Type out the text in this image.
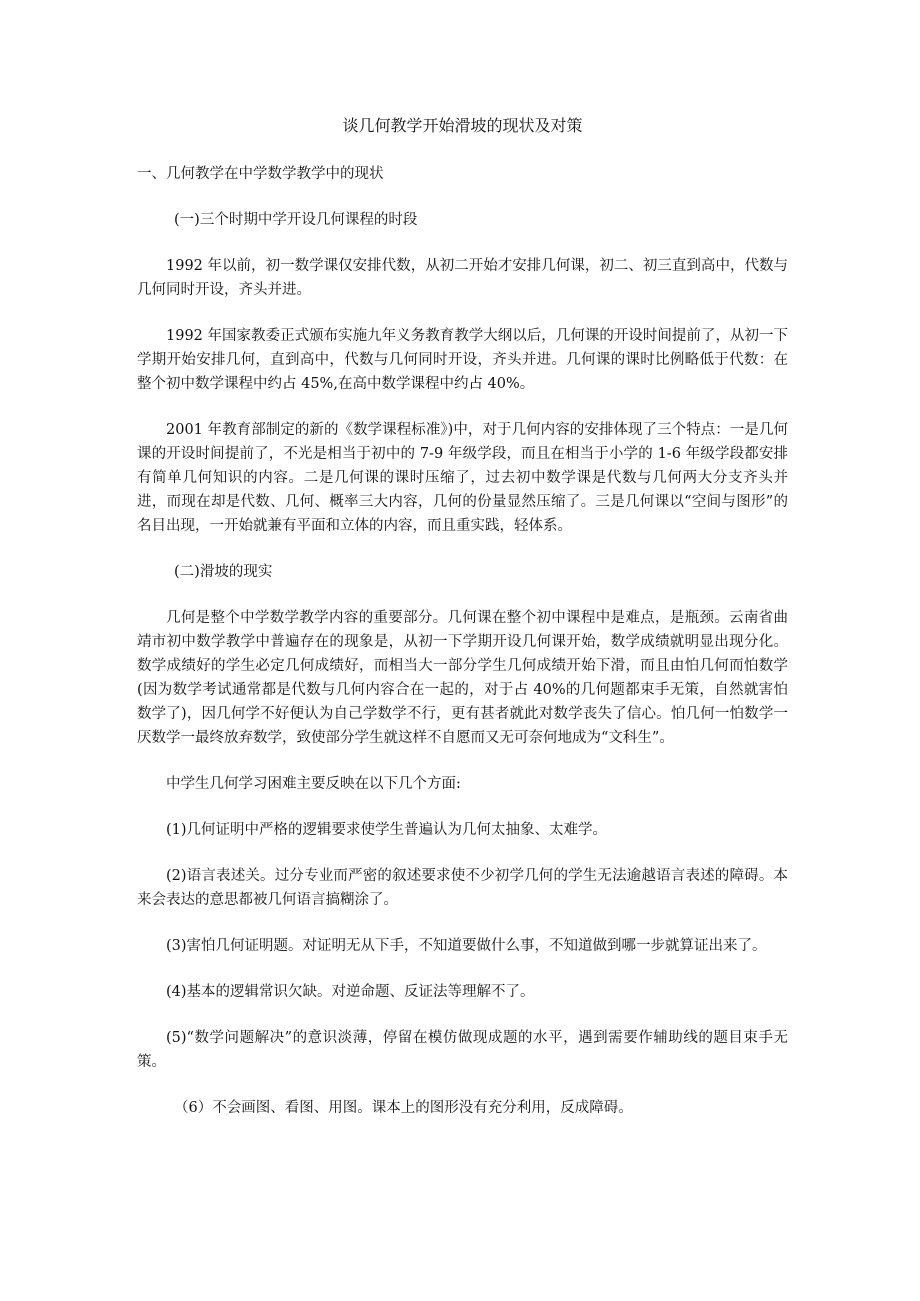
谈几何教学开始滑坡的现状及对策
一、几何教学在中学数学教学中的现状
(一)三个时期中学开设几何课程的时段
1992 年以前，初一数学课仅安排代数，从初二开始才安排几何课，初二、初三直到高中，代数与几何同时开设，齐头并进。
1992 年国家教委正式颁布实施九年义务教育教学大纲以后，几何课的开设时间提前了，从初一下学期开始安排几何，直到高中，代数与几何同时开设，齐头并进。几何课的课时比例略低于代数：在整个初中数学课程中约占 45%,在高中数学课程中约占 40%。
2001 年教育部制定的新的《数学课程标准》)中，对于几何内容的安排体现了三个特点：一是几何课的开设时间提前了，不光是相当于初中的 7-9 年级学段，而且在相当于小学的 1-6 年级学段都安排有简单几何知识的内容。二是几何课的课时压缩了，过去初中数学课是代数与几何两大分支齐头并进，而现在却是代数、几何、概率三大内容，几何的份量显然压缩了。三是几何课以“空间与图形”的名目出现，一开始就兼有平面和立体的内容，而且重实践，轻体系。
(二)滑坡的现实
几何是整个中学数学教学内容的重要部分。几何课在整个初中课程中是难点，是瓶颈。云南省曲靖市初中数学教学中普遍存在的现象是，从初一下学期开设几何课开始，数学成绩就明显出现分化。数学成绩好的学生必定几何成绩好，而相当大一部分学生几何成绩开始下滑，而且由怕几何而怕数学(因为数学考试通常都是代数与几何内容合在一起的，对于占 40%的几何题都束手无策，自然就害怕数学了)，因几何学不好便认为自己学数学不行，更有甚者就此对数学丧失了信心。怕几何一怕数学一厌数学一最终放弃数学，致使部分学生就这样不自愿而又无可奈何地成为“文科生”。
中学生几何学习困难主要反映在以下几个方面:
(1)几何证明中严格的逻辑要求使学生普遍认为几何太抽象、太难学。
(2)语言表述关。过分专业而严密的叙述要求使不少初学几何的学生无法逾越语言表述的障碍。本来会表达的意思都被几何语言搞糊涂了。
(3)害怕几何证明题。对证明无从下手，不知道要做什么事，不知道做到哪一步就算证出来了。
(4)基本的逻辑常识欠缺。对逆命题、反证法等理解不了。
(5)“数学问题解决”的意识淡薄，停留在模仿做现成题的水平，遇到需要作辅助线的题目束手无策。
（6）不会画图、看图、用图。课本上的图形没有充分利用，反成障碍。
